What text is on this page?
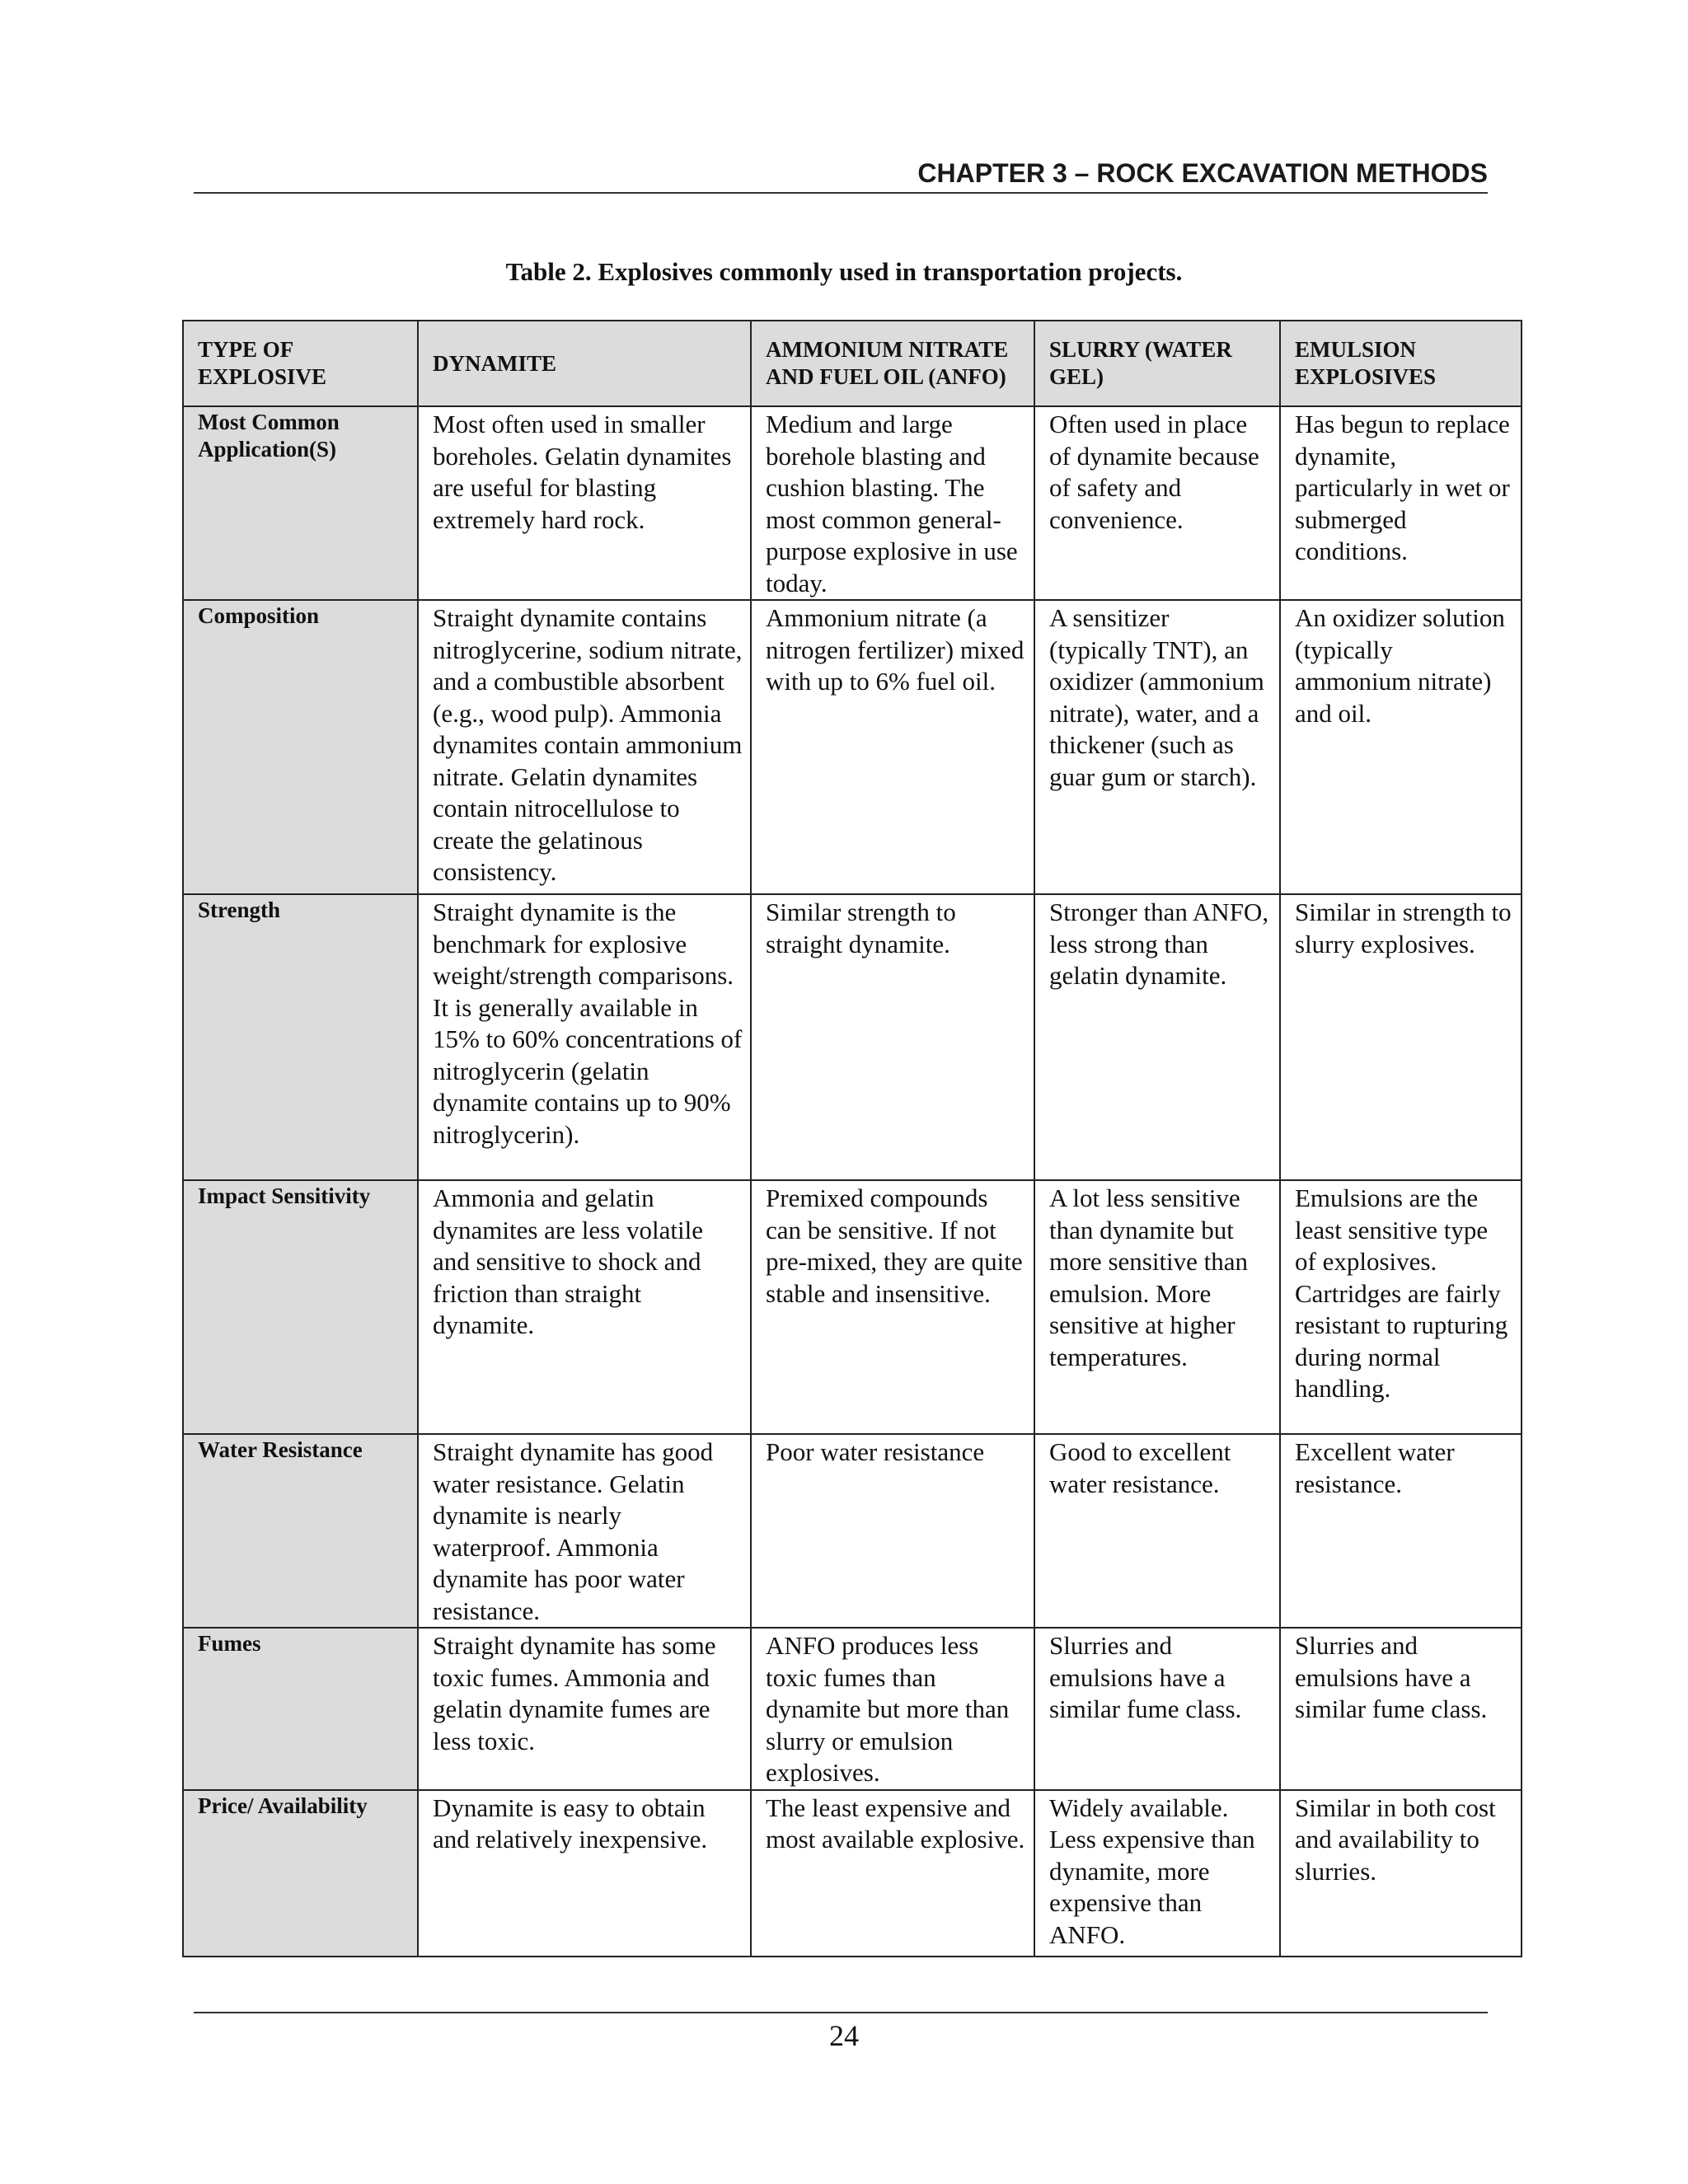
CHAPTER 3 – ROCK EXCAVATION METHODS
Table 2. Explosives commonly used in transportation projects.
TYPE OF EXPLOSIVE	DYNAMITE	AMMONIUM NITRATE AND FUEL OIL (ANFO)	SLURRY (WATER GEL)	EMULSION EXPLOSIVES
Most Common Application(S)	Most often used in smaller boreholes. Gelatin dynamites are useful for blasting extremely hard rock.	Medium and large borehole blasting and cushion blasting. The most common general-purpose explosive in use today.	Often used in place of dynamite because of safety and convenience.	Has begun to replace dynamite, particularly in wet or submerged conditions.
Composition	Straight dynamite contains nitroglycerine, sodium nitrate, and a combustible absorbent (e.g., wood pulp). Ammonia dynamites contain ammonium nitrate. Gelatin dynamites contain nitrocellulose to create the gelatinous consistency.	Ammonium nitrate (a nitrogen fertilizer) mixed with up to 6% fuel oil.	A sensitizer (typically TNT), an oxidizer (ammonium nitrate), water, and a thickener (such as guar gum or starch).	An oxidizer solution (typically ammonium nitrate) and oil.
Strength	Straight dynamite is the benchmark for explosive weight/strength comparisons. It is generally available in 15% to 60% concentrations of nitroglycerin (gelatin dynamite contains up to 90% nitroglycerin).	Similar strength to straight dynamite.	Stronger than ANFO, less strong than gelatin dynamite.	Similar in strength to slurry explosives.
Impact Sensitivity	Ammonia and gelatin dynamites are less volatile and sensitive to shock and friction than straight dynamite.	Premixed compounds can be sensitive. If not pre-mixed, they are quite stable and insensitive.	A lot less sensitive than dynamite but more sensitive than emulsion. More sensitive at higher temperatures.	Emulsions are the least sensitive type of explosives. Cartridges are fairly resistant to rupturing during normal handling.
Water Resistance	Straight dynamite has good water resistance. Gelatin dynamite is nearly waterproof. Ammonia dynamite has poor water resistance.	Poor water resistance	Good to excellent water resistance.	Excellent water resistance.
Fumes	Straight dynamite has some toxic fumes. Ammonia and gelatin dynamite fumes are less toxic.	ANFO produces less toxic fumes than dynamite but more than slurry or emulsion explosives.	Slurries and emulsions have a similar fume class.	Slurries and emulsions have a similar fume class.
Price/ Availability	Dynamite is easy to obtain and relatively inexpensive.	The least expensive and most available explosive.	Widely available. Less expensive than dynamite, more expensive than ANFO.	Similar in both cost and availability to slurries.
24
